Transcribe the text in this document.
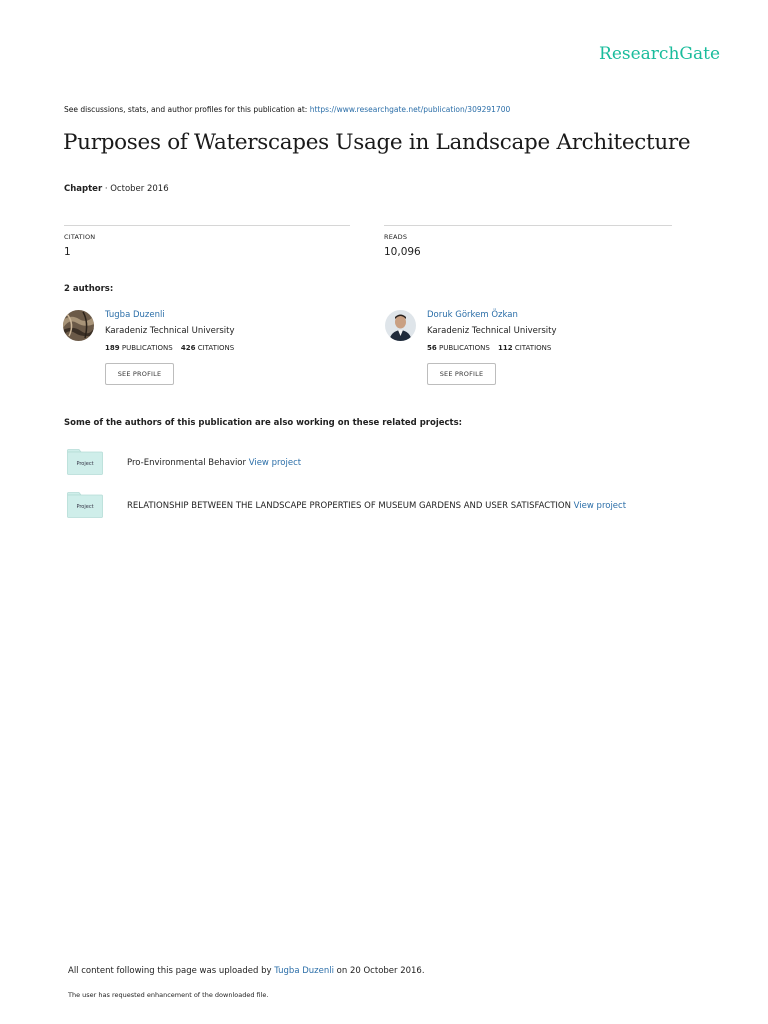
ResearchGate
See discussions, stats, and author profiles for this publication at: https://www.researchgate.net/publication/309291700
Purposes of Waterscapes Usage in Landscape Architecture
Chapter · October 2016
CITATION
1
READS
10,096
2 authors:
Tugba Duzenli
Karadeniz Technical University
189 PUBLICATIONS 426 CITATIONS
SEE PROFILE
Doruk Görkem Özkan
Karadeniz Technical University
56 PUBLICATIONS 112 CITATIONS
SEE PROFILE
Some of the authors of this publication are also working on these related projects:
Project	Pro-Environmental Behavior View project
Project	RELATIONSHIP BETWEEN THE LANDSCAPE PROPERTIES OF MUSEUM GARDENS AND USER SATISFACTION View project
All content following this page was uploaded by Tugba Duzenli on 20 October 2016.
The user has requested enhancement of the downloaded file.
